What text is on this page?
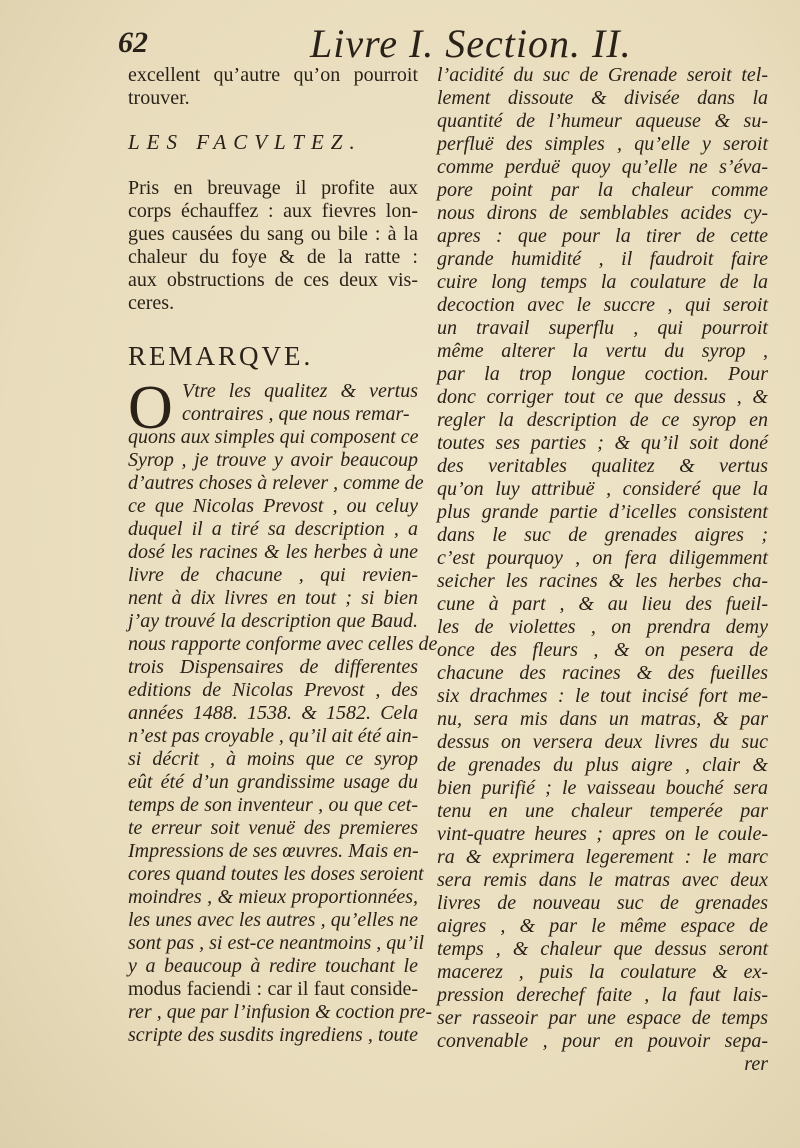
62	Livre I. Section. II.
excellent qu’autre qu’on pourroit
trouver.
LES FACVLTEZ.
Pris en breuvage il profite aux
corps échauffez : aux fievres lon-
gues causées du sang ou bile : à la
chaleur du foye & de la ratte :
aux obstructions de ces deux vis-
ceres.
REMARQVE.
O Vtre les qualitez & vertus
contraires , que nous remar-
quons aux simples qui composent ce
Syrop , je trouve y avoir beaucoup
d’autres choses à relever , comme de
ce que Nicolas Prevost , ou celuy
duquel il a tiré sa description , a
dosé les racines & les herbes à une
livre de chacune , qui revien-
nent à dix livres en tout ; si bien
j’ay trouvé la description que Baud.
nous rapporte conforme avec celles de
trois Dispensaires de differentes
editions de Nicolas Prevost , des
années 1488. 1538. & 1582. Cela
n’est pas croyable , qu’il ait été ain-
si décrit , à moins que ce syrop
eût été d’un grandissime usage du
temps de son inventeur , ou que cet-
te erreur soit venuë des premieres
Impressions de ses œuvres. Mais en-
cores quand toutes les doses seroient
moindres , & mieux proportionnées,
les unes avec les autres , qu’elles ne
sont pas , si est-ce neantmoins , qu’il
y a beaucoup à redire touchant le
modus faciendi : car il faut conside-
rer , que par l’infusion & coction pre-
scripte des susdits ingrediens , toute
l’acidité du suc de Grenade seroit tel-
lement dissoute & divisée dans la
quantité de l’humeur aqueuse & su-
perfluë des simples , qu’elle y seroit
comme perduë quoy qu’elle ne s’éva-
pore point par la chaleur comme
nous dirons de semblables acides cy-
apres : que pour la tirer de cette
grande humidité , il faudroit faire
cuire long temps la coulature de la
decoction avec le succre , qui seroit
un travail superflu , qui pourroit
même alterer la vertu du syrop ,
par la trop longue coction. Pour
donc corriger tout ce que dessus , &
regler la description de ce syrop en
toutes ses parties ; & qu’il soit doné
des veritables qualitez & vertus
qu’on luy attribuë , consideré que la
plus grande partie d’icelles consistent
dans le suc de grenades aigres ;
c’est pourquoy , on fera diligemment
seicher les racines & les herbes cha-
cune à part , & au lieu des fueil-
les de violettes , on prendra demy
once des fleurs , & on pesera de
chacune des racines & des fueilles
six drachmes : le tout incisé fort me-
nu, sera mis dans un matras, & par
dessus on versera deux livres du suc
de grenades du plus aigre , clair &
bien purifié ; le vaisseau bouché sera
tenu en une chaleur temperée par
vint-quatre heures ; apres on le coule-
ra & exprimera legerement : le marc
sera remis dans le matras avec deux
livres de nouveau suc de grenades
aigres , & par le même espace de
temps , & chaleur que dessus seront
macerez , puis la coulature & ex-
pression derechef faite , la faut lais-
ser rasseoir par une espace de temps
convenable , pour en pouvoir sepa-
rer
